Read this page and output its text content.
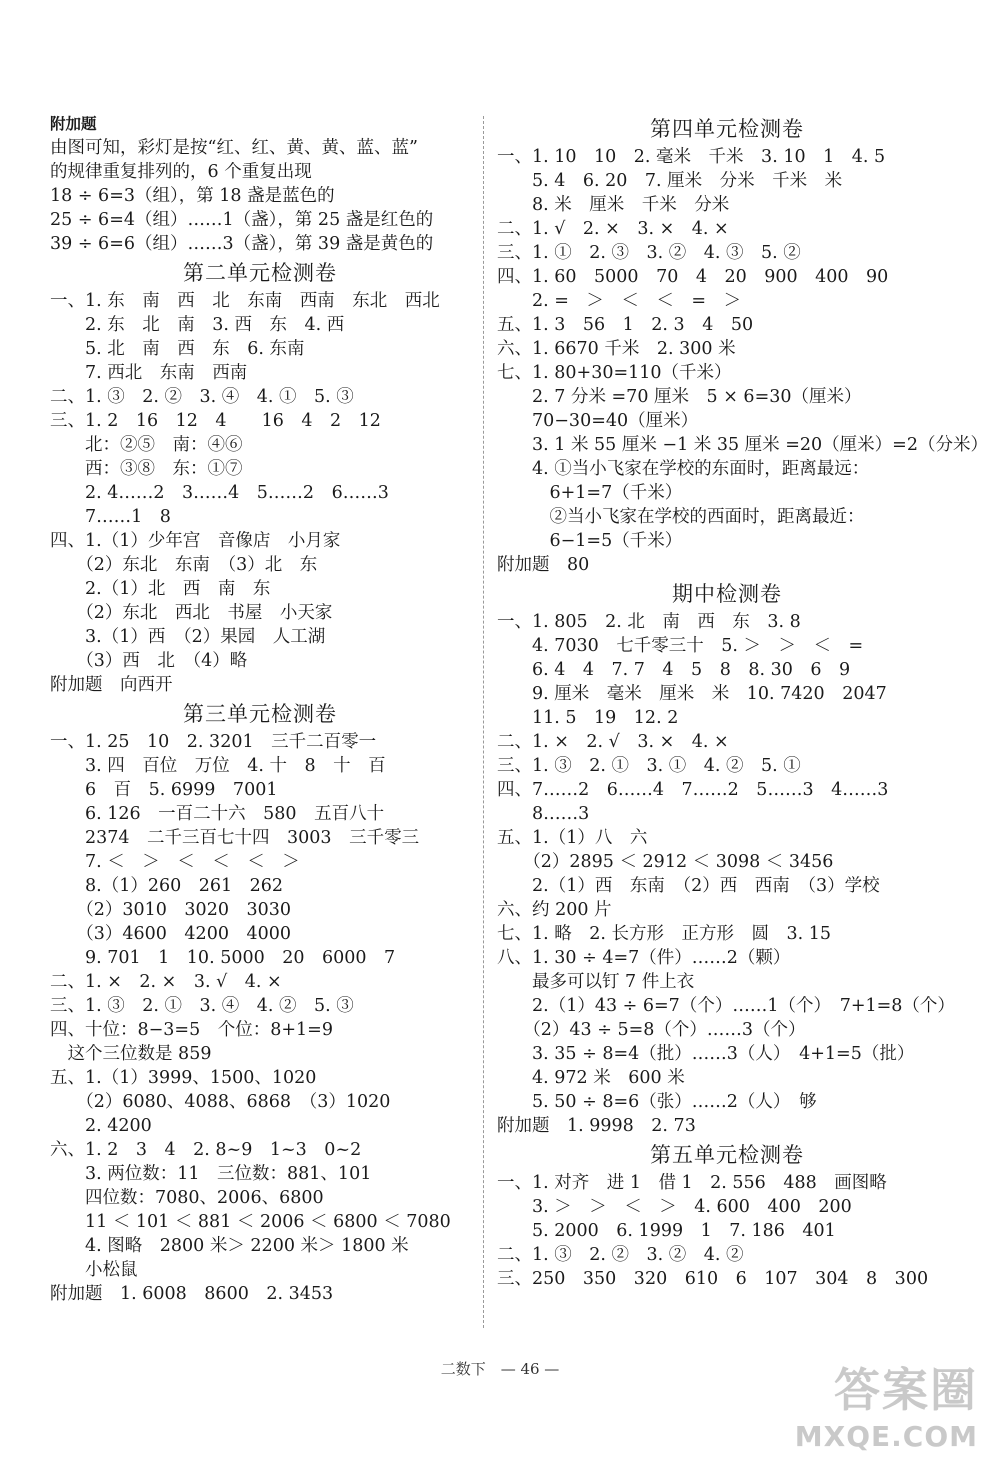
附加题
由图可知，彩灯是按“红、红、黄、黄、蓝、蓝”
的规律重复排列的，6 个重复出现
18 ÷ 6=3（组），第 18 盏是蓝色的
25 ÷ 6=4（组）……1（盏），第 25 盏是红色的
39 ÷ 6=6（组）……3（盏），第 39 盏是黄色的
第二单元检测卷
一、1. 东　南　西　北　东南　西南　东北　西北
　　2. 东　北　南　3. 西　东　4. 西
　　5. 北　南　西　东　6. 东南
　　7. 西北　东南　西南
二、1. ③　2. ②　3. ④　4. ①　5. ③
三、1. 2　16　12　4　　16　4　2　12
　　北：②⑤　南：④⑥
　　西：③⑧　东：①⑦
　　2. 4……2　3……4　5……2　6……3
　　7……1　8
四、1.（1）少年宫　音像店　小月家
　　（2）东北　东南　（3）北　东
　　2.（1）北　西　南　东
　　（2）东北　西北　书屋　小天家
　　3.（1）西　（2）果园　人工湖
　　（3）西　北　（4）略
附加题　向西开
第三单元检测卷
一、1. 25　10　2. 3201　三千二百零一
　　3. 四　百位　万位　4. 十　8　十　百
　　6　百　5. 6999　7001
　　6. 126　一百二十六　580　五百八十
　　2374　二千三百七十四　3003　三千零三
　　7. ＜　＞　＜　＜　＜　＞
　　8.（1）260　261　262
　　（2）3010　3020　3030
　　（3）4600　4200　4000
　　9. 701　1　10. 5000　20　6000　7
二、1. ×　2. ×　3. √　4. ×
三、1. ③　2. ①　3. ④　4. ②　5. ③
四、十位：8−3=5　个位：8+1=9
　这个三位数是 859
五、1.（1）3999、1500、1020
　　（2）6080、4088、6868　（3）1020
　　2. 4200
六、1. 2　3　4　2. 8~9　1~3　0~2
　　3. 两位数：11　三位数：881、101
　　四位数：7080、2006、6800
　　11 ＜ 101 ＜ 881 ＜ 2006 ＜ 6800 ＜ 7080
　　4. 图略　2800 米＞ 2200 米＞ 1800 米
　　小松鼠
附加题　1. 6008　8600　2. 3453
第四单元检测卷
一、1. 10　10　2. 毫米　千米　3. 10　1　4. 5
　　5. 4　6. 20　7. 厘米　分米　千米　米
　　8. 米　厘米　千米　分米
二、1. √　2. ×　3. ×　4. ×
三、1. ①　2. ③　3. ②　4. ③　5. ②
四、1. 60　5000　70　4　20　900　400　90
　　2. =　＞　＜　＜　=　＞
五、1. 3　56　1　2. 3　4　50
六、1. 6670 千米　2. 300 米
七、1. 80+30=110（千米）
　　2. 7 分米 =70 厘米　5 × 6=30（厘米）
　　70−30=40（厘米）
　　3. 1 米 55 厘米 −1 米 35 厘米 =20（厘米）=2（分米）
　　4. ①当小飞家在学校的东面时，距离最远：
　　　6+1=7（千米）
　　　②当小飞家在学校的西面时，距离最近：
　　　6−1=5（千米）
附加题　80
期中检测卷
一、1. 805　2. 北　南　西　东　3. 8
　　4. 7030　七千零三十　5. ＞　＞　＜　=
　　6. 4　4　7. 7　4　5　8　8. 30　6　9
　　9. 厘米　毫米　厘米　米　10. 7420　2047
　　11. 5　19　12. 2
二、1. ×　2. √　3. ×　4. ×
三、1. ③　2. ①　3. ①　4. ②　5. ①
四、7……2　6……4　7……2　5……3　4……3
　　8……3
五、1.（1）八　六
　　（2）2895 ＜ 2912 ＜ 3098 ＜ 3456
　　2.（1）西　东南　（2）西　西南　（3）学校
六、约 200 片
七、1. 略　2. 长方形　正方形　圆　3. 15
八、1. 30 ÷ 4=7（件）……2（颗）
　　最多可以钉 7 件上衣
　　2.（1）43 ÷ 6=7（个）……1（个）　7+1=8（个）
　　（2）43 ÷ 5=8（个）……3（个）
　　3. 35 ÷ 8=4（批）……3（人）　4+1=5（批）
　　4. 972 米　600 米
　　5. 50 ÷ 8=6（张）……2（人）　够
附加题　1. 9998　2. 73
第五单元检测卷
一、1. 对齐　进 1　借 1　2. 556　488　画图略
　　3. ＞　＞　＜　＞　4. 600　400　200
　　5. 2000　6. 1999　1　7. 186　401
二、1. ③　2. ②　3. ②　4. ②
三、250　350　320　610　6　107　304　8　300
二数下　— 46 —	答案圈
MXQE.COM
